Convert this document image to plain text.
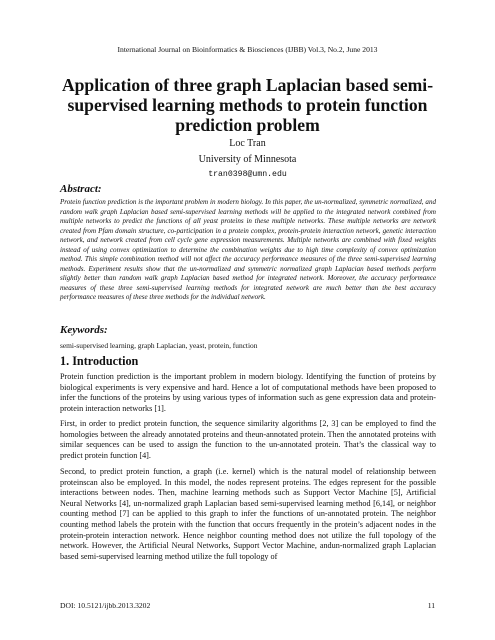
International Journal on Bioinformatics & Biosciences (IJBB) Vol.3, No.2, June 2013
Application of three graph Laplacian based semi-supervised learning methods to protein function prediction problem
Loc Tran
University of Minnesota
tran0398@umn.edu
Abstract:
Protein function prediction is the important problem in modern biology. In this paper, the un-normalized, symmetric normalized, and random walk graph Laplacian based semi-supervised learning methods will be applied to the integrated network combined from multiple networks to predict the functions of all yeast proteins in these multiple networks. These multiple networks are network created from Pfam domain structure, co-participation in a protein complex, protein-protein interaction network, genetic interaction network, and network created from cell cycle gene expression measurements. Multiple networks are combined with fixed weights instead of using convex optimization to determine the combination weights due to high time complexity of convex optimization method. This simple combination method will not affect the accuracy performance measures of the three semi-supervised learning methods. Experiment results show that the un-normalized and symmetric normalized graph Laplacian based methods perform slightly better than random walk graph Laplacian based method for integrated network. Moreover, the accuracy performance measures of these three semi-supervised learning methods for integrated network are much better than the best accuracy performance measures of these three methods for the individual network.
Keywords:
semi-supervised learning, graph Laplacian, yeast, protein, function
1. Introduction

Protein function prediction is the important problem in modern biology. Identifying the function of proteins by biological experiments is very expensive and hard. Hence a lot of computational methods have been proposed to infer the functions of the proteins by using various types of information such as gene expression data and protein-protein interaction networks [1].

First, in order to predict protein function, the sequence similarity algorithms [2, 3] can be employed to find the homologies between the already annotated proteins and theun-annotated protein. Then the annotated proteins with similar sequences can be used to assign the function to the un-annotated protein. That’s the classical way to predict protein function [4].

Second, to predict protein function, a graph (i.e. kernel) which is the natural model of relationship between proteinscan also be employed. In this model, the nodes represent proteins. The edges represent for the possible interactions between nodes. Then, machine learning methods such as Support Vector Machine [5], Artificial Neural Networks [4], un-normalized graph Laplacian based semi-supervised learning method [6,14], or neighbor counting method [7] can be applied to this graph to infer the functions of un-annotated protein. The neighbor counting method labels the protein with the function that occurs frequently in the protein’s adjacent nodes in the protein-protein interaction network. Hence neighbor counting method does not utilize the full topology of the network. However, the Artificial Neural Networks, Support Vector Machine, andun-normalized graph Laplacian based semi-supervised learning method utilize the full topology of

DOI: 10.5121/ijbb.2013.3202	11
